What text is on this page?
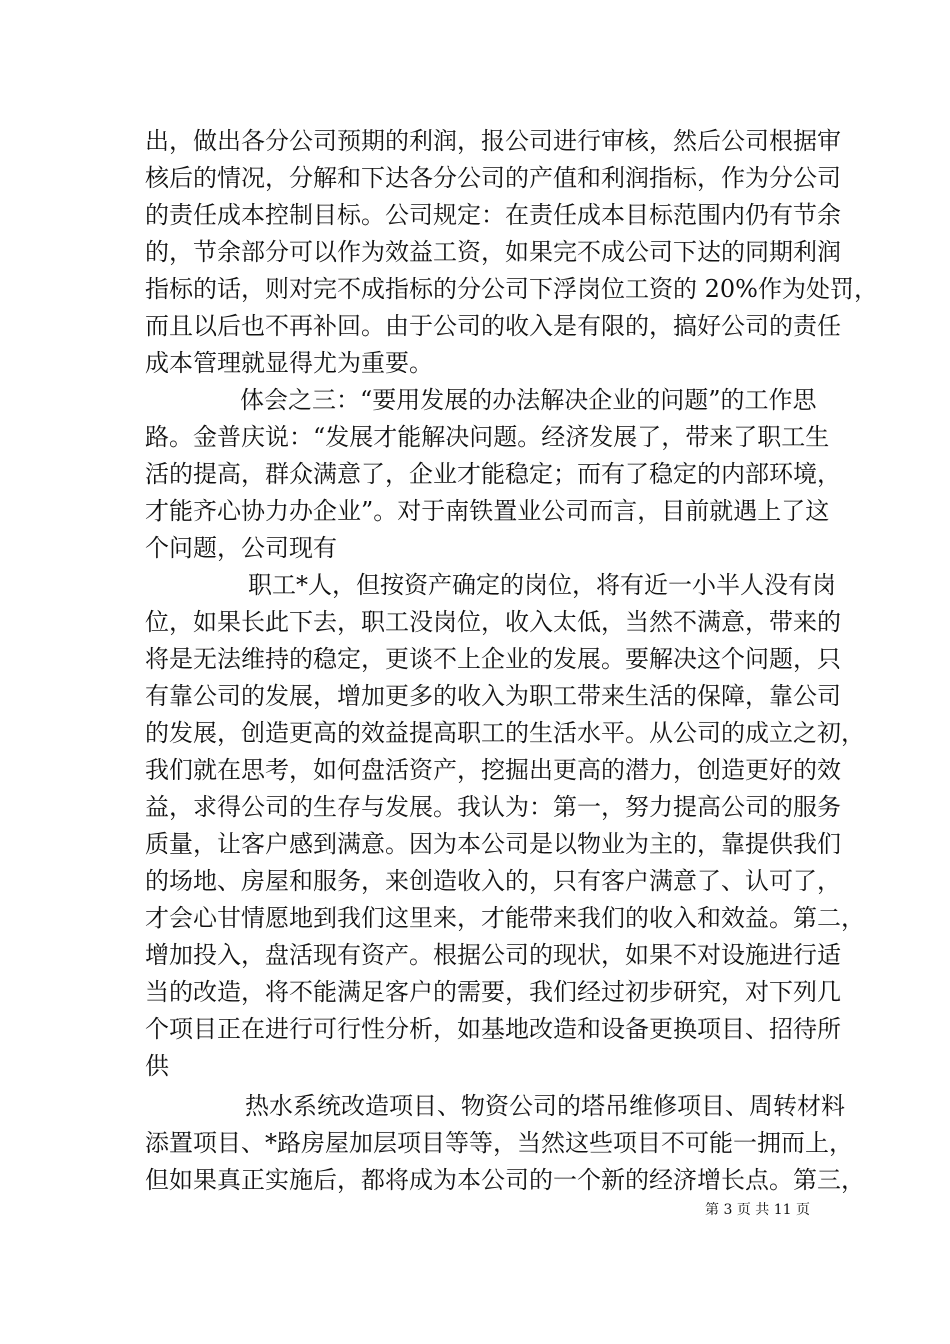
出，做出各分公司预期的利润，报公司进行审核，然后公司根据审
核后的情况，分解和下达各分公司的产值和利润指标，作为分公司
的责任成本控制目标。公司规定：在责任成本目标范围内仍有节余
的，节余部分可以作为效益工资，如果完不成公司下达的同期利润
指标的话，则对完不成指标的分公司下浮岗位工资的 20%作为处罚，
而且以后也不再补回。由于公司的收入是有限的，搞好公司的责任
成本管理就显得尤为重要。
体会之三：“要用发展的办法解决企业的问题”的工作思
路。金普庆说：“发展才能解决问题。经济发展了，带来了职工生
活的提高，群众满意了，企业才能稳定；而有了稳定的内部环境，
才能齐心协力办企业”。对于南铁置业公司而言，目前就遇上了这
个问题，公司现有
职工*人，但按资产确定的岗位，将有近一小半人没有岗
位，如果长此下去，职工没岗位，收入太低，当然不满意，带来的
将是无法维持的稳定，更谈不上企业的发展。要解决这个问题，只
有靠公司的发展，增加更多的收入为职工带来生活的保障，靠公司
的发展，创造更高的效益提高职工的生活水平。从公司的成立之初，
我们就在思考，如何盘活资产，挖掘出更高的潜力，创造更好的效
益，求得公司的生存与发展。我认为：第一，努力提高公司的服务
质量，让客户感到满意。因为本公司是以物业为主的，靠提供我们
的场地、房屋和服务，来创造收入的，只有客户满意了、认可了，
才会心甘情愿地到我们这里来，才能带来我们的收入和效益。第二，
增加投入，盘活现有资产。根据公司的现状，如果不对设施进行适
当的改造，将不能满足客户的需要，我们经过初步研究，对下列几
个项目正在进行可行性分析，如基地改造和设备更换项目、招待所
供
热水系统改造项目、物资公司的塔吊维修项目、周转材料
添置项目、*路房屋加层项目等等，当然这些项目不可能一拥而上，
但如果真正实施后，都将成为本公司的一个新的经济增长点。第三，
第 3 页 共 11 页
